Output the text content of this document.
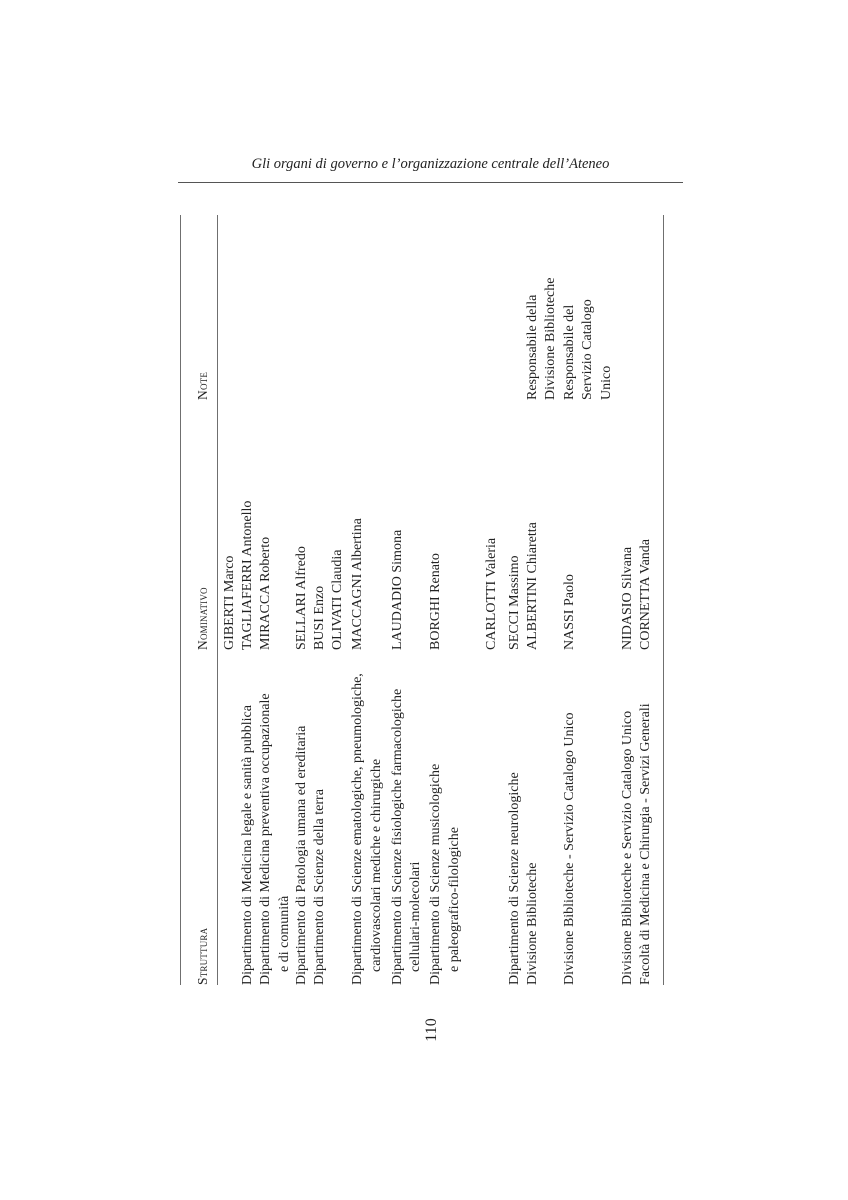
Gli organi di governo e l’organizzazione centrale dell’Ateneo
Struttura
Nominativo
Note
GIBERTI Marco
Dipartimento di Medicina legale e sanità pubblica
TAGLIAFERRI Antonello
Dipartimento di Medicina preventiva occupazionale
MIRACCA Roberto
e di comunità Dipartimento di Patologia umana ed ereditaria
SELLARI Alfredo
Dipartimento di Scienze della terra
BUSI Enzo OLIVATI Claudia
Dipartimento di Scienze ematologiche, pneumologiche,
MACCAGNI Albertina
cardiovascolari mediche e chirurgiche Dipartimento di Scienze fisiologiche farmacologiche
LAUDADIO Simona
cellulari-molecolari Dipartimento di Scienze musicologiche
BORGHI Renato
e paleografico-filologiche
CARLOTTI Valeria
Dipartimento di Scienze neurologiche
SECCI Massimo
Divisione Biblioteche
ALBERTINI Chiaretta
Responsabile della Divisione Biblioteche
Divisione Biblioteche - Servizio Catalogo Unico
NASSI Paolo
Responsabile del Servizio Catalogo Unico
Divisione Biblioteche e Servizio Catalogo Unico
NIDASIO Silvana
Facoltà di Medicina e Chirurgia - Servizi Generali
CORNETTA Vanda
110
